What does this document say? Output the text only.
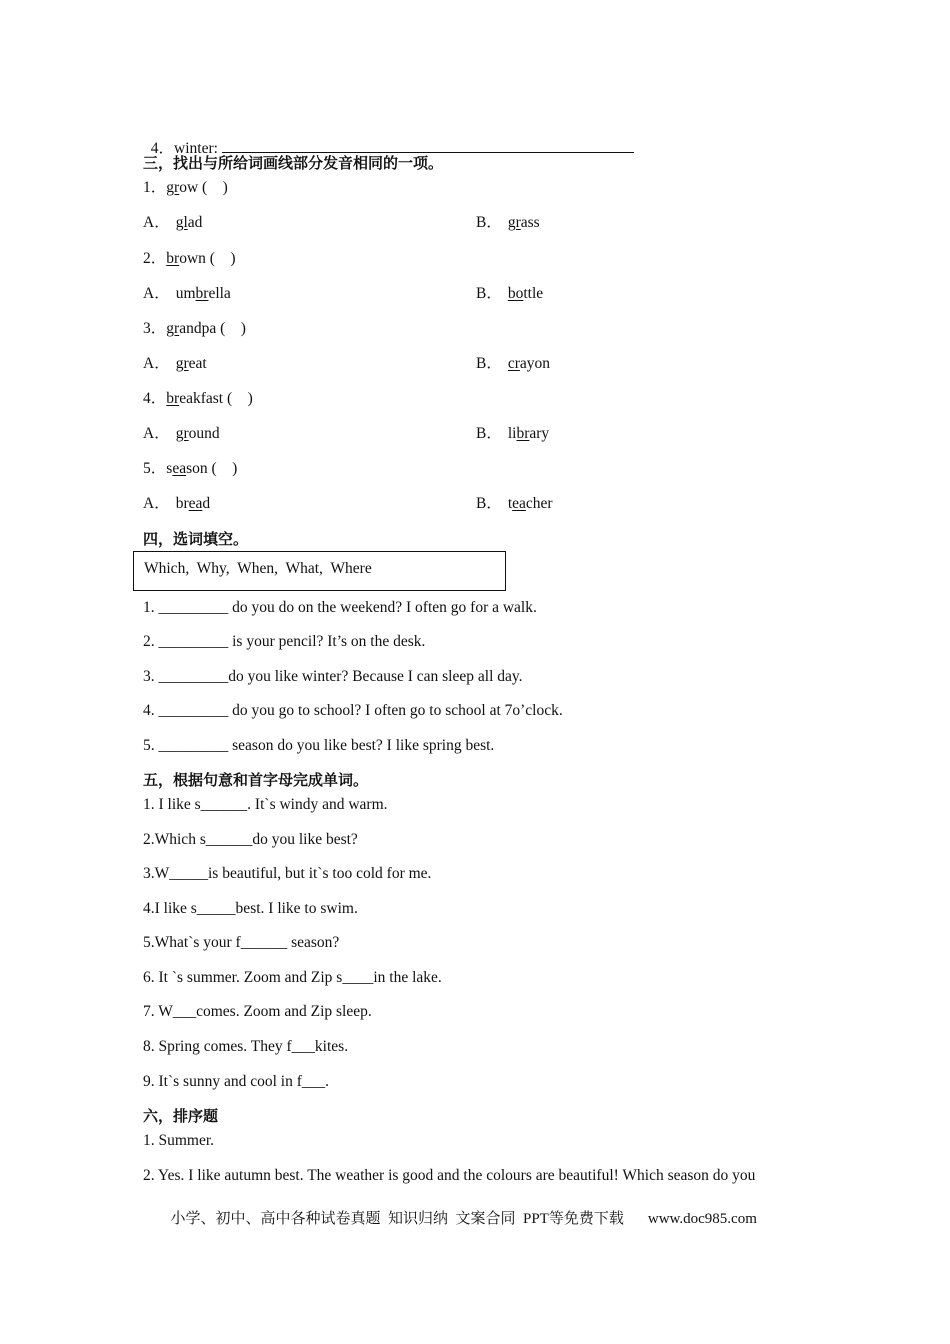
4．winter:

三，找出与所给词画线部分发音相同的一项。
1．grow (    )
A． glad	B． grass
2．brown (    )
A． umbrella	B． bottle
3．grandpa (    )
A． great	B． crayon
4．breakfast (    )
A． ground	B． library
5．season (    )
A． bread	B． teacher
四，选词填空。
Which,  Why,  When,  What,  Where
1. _________ do you do on the weekend? I often go for a walk.
2. _________ is your pencil? It’s on the desk.
3. _________do you like winter? Because I can sleep all day.
4. _________ do you go to school? I often go to school at 7o’clock.
5. _________ season do you like best? I like spring best.
五，根据句意和首字母完成单词。
1. I like s______. It`s windy and warm.
2.Which s______do you like best?
3.W_____is beautiful, but it`s too cold for me.
4.I like s_____best. I like to swim.
5.What`s your f______ season?
6. It `s summer. Zoom and Zip s____in the lake.
7. W___comes. Zoom and Zip sleep.
8. Spring comes. They f___kites.
9. It`s sunny and cool in f___.
六，排序题
1. Summer.
2. Yes. I like autumn best. The weather is good and the colours are beautiful! Which season do you

小学、初中、高中各种试卷真题  知识归纳  文案合同  PPT等免费下载 www.doc985.com
